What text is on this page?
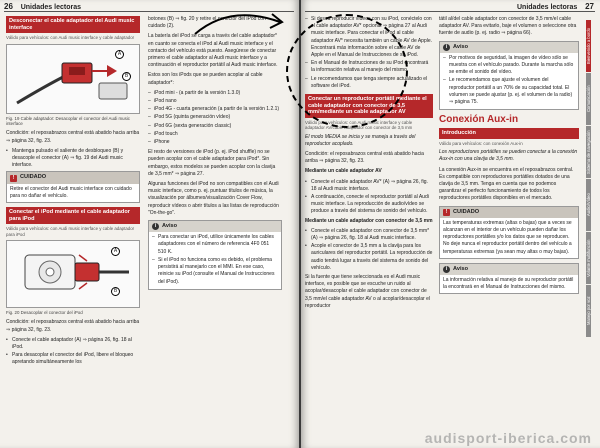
26 Unidades lectoras
Desconectar el cable adaptador del Audi music interface
Válido para vehículos: con Audi music interface y cable adaptador
A
B
Fig. 19 Cable adaptador: Desacoplar el conector del Audi music interface

Condición: el reposabrazos central está abatido hacia arriba ⇒ página 32, fig. 23.

• Mantenga pulsado el saliente de desbloqueo (B) y desacople el conector (A) ⇒ fig. 19 del Audi music interface.
!	CUIDADO
Retire el conector del Audi music interface con cuidado para no dañar el vehículo.
Conectar el iPod mediante el cable adaptador para iPod
Válido para vehículos: con Audi music interface y cable adaptador para iPod
A
B
Fig. 20 Desacoplar el conector del iPod

Condición: el reposabrazos central está abatido hacia arriba ⇒ página 32, fig. 23.

• Conecte el cable adaptador (A) ⇒ página 26, fig. 18 al iPod.
• Para desacoplar el conector del iPod, libere el bloqueo apretando simultáneamente los

botones (B) ⇒ fig. 20 y retire el conector del iPod con cuidado (2).

La batería del iPod se carga a través del cable adaptador* en cuanto se conecta el iPod al Audi music interface y el contacto del vehículo está puesto. Asegúrese de conectar primero el cable adaptador al Audi music interface y a continuación el reproductor portátil al Audi music interface.

Estos son los iPods que se pueden acoplar al cable adaptador*:

– iPod mini - (a partir de la versión 1.3.0)
– iPod nano
– iPod 4G - cuarta generación (a partir de la versión 1.2.1)
– iPod 5G (quinta generación vídeo)
– iPod 6G (sexta generación classic)
– iPod touch
– iPhone

El resto de versiones de iPod (p. ej. iPod shuffle) no se pueden acoplar con el cable adaptador para iPod*. Sin embargo, estos modelos se pueden acoplar con la clavija de 3,5 mm* ⇒ página 27.

Algunas funciones del iPod no son compatibles con el Audi music interface, como p. ej. puntuar títulos de música, la visualización por álbumes/visualización Cover Flow, reproducir vídeos o abrir títulos a las listas de reproducción "On-the-go".

i	Aviso
– Para conectar un iPod, utilice únicamente los cables adaptadores con el número de referencia 4F0 051 510 K.
– Si el iPod no funciona como es debido, el problema persistirá al manejarlo con el MMI. En ese caso, reinicie su iPod (consulte el Manual de Instrucciones del iPod).
Unidades lectoras 27
– Si desea reproducir vídeos con su iPod, conéctelo con el cable adaptador AV* opcional ⇒ página 27 al Audi music interface. Para conectar el iPod al cable adaptador AV* necesita también un cable AV de Apple. Encontrará más información sobre el cable AV de Apple en el Manual de Instrucciones de su iPod.
– En el Manual de Instrucciones de su iPod encontrará la información relativa al manejo del mismo.
– Le recomendamos que tenga siempre actualizado el software del iPod.
Conectar un reproductor portátil mediante el cable adaptador con conector de 3,5 mm/mediante un cable adaptador AV
Válido para vehículos: con Audi music interface y cable adaptador AV/cable adaptador con conector de 3,5 mm

El modo MEDIA se inicia y se maneja a través del reproductor acoplado.

Condición: el reposabrazos central está abatido hacia arriba ⇒ página 32, fig. 23.

Mediante un cable adaptador AV

• Conecte el cable adaptador AV* (A) ⇒ página 26, fig. 18 al Audi music interface.
• A continuación, conecte el reproductor portátil al Audi music interface. La reproducción de audio/vídeo se produce a través del sistema de sonido del vehículo.

Mediante un cable adaptador con conector de 3,5 mm

• Conecte el cable adaptador con conector de 3,5 mm* (A) ⇒ página 26, fig. 18 al Audi music interface.
• Acople el conector de 3,5 mm a la clavija para los auriculares del reproductor portátil. La reproducción de audio tendrá lugar a través del sistema de sonido del vehículo.

Si la fuente que tiene seleccionada es el Audi music interface, es posible que se escuche un ruido al acoplar/desacoplar el cable adaptador con conector de 3,5 mm/el cable adaptador AV o al acoplar/desacoplar el reproductor

tátil al/del cable adaptador con conector de 3,5 mm/el cable adaptador AV. Para evitarlo, baje el volumen o seleccione otra fuente de audio (p. ej. radio ⇒ página 66).

i	Aviso
– Por motivos de seguridad, la imagen de vídeo sólo se muestra con el vehículo parado. Durante la marcha sólo se emite el sonido del vídeo.
– Le recomendamos que ajuste el volumen del reproductor portátil a un 70% de su capacidad total. El volumen se puede ajustar (p. ej. el volumen de la radio) ⇒ página 75.
Conexión Aux-in
Introducción
Válido para vehículos: con conexión Aux-in

Los reproductores portátiles se pueden conectar a la conexión Aux-in con una clavija de 3,5 mm.

La conexión Aux-in se encuentra en el reposabrazos central. Es compatible con reproductores portátiles dotados de una clavija de 3,5 mm. Tenga en cuenta que no podemos garantizar el perfecto funcionamiento de todos los reproductores portátiles disponibles en el mercado.

!	CUIDADO
Las temperaturas extremas (altas o bajas) que a veces se alcanzan en el interior de un vehículo pueden dañar los reproductores portátiles y/o los datos que se reproducen. No deje nunca el reproductor portátil dentro del vehículo a temperaturas extremas (ya sean muy altas o muy bajas).
i	Aviso
La información relativa al manejo de su reproductor portátil la encontrará en el Manual de Instrucciones del mismo.
Bienvenido a bordo
Comunicación
Sistema de navegación
Audio/Vídeo
Volante multifunción
Manejo por voz
audisport-iberica.com
